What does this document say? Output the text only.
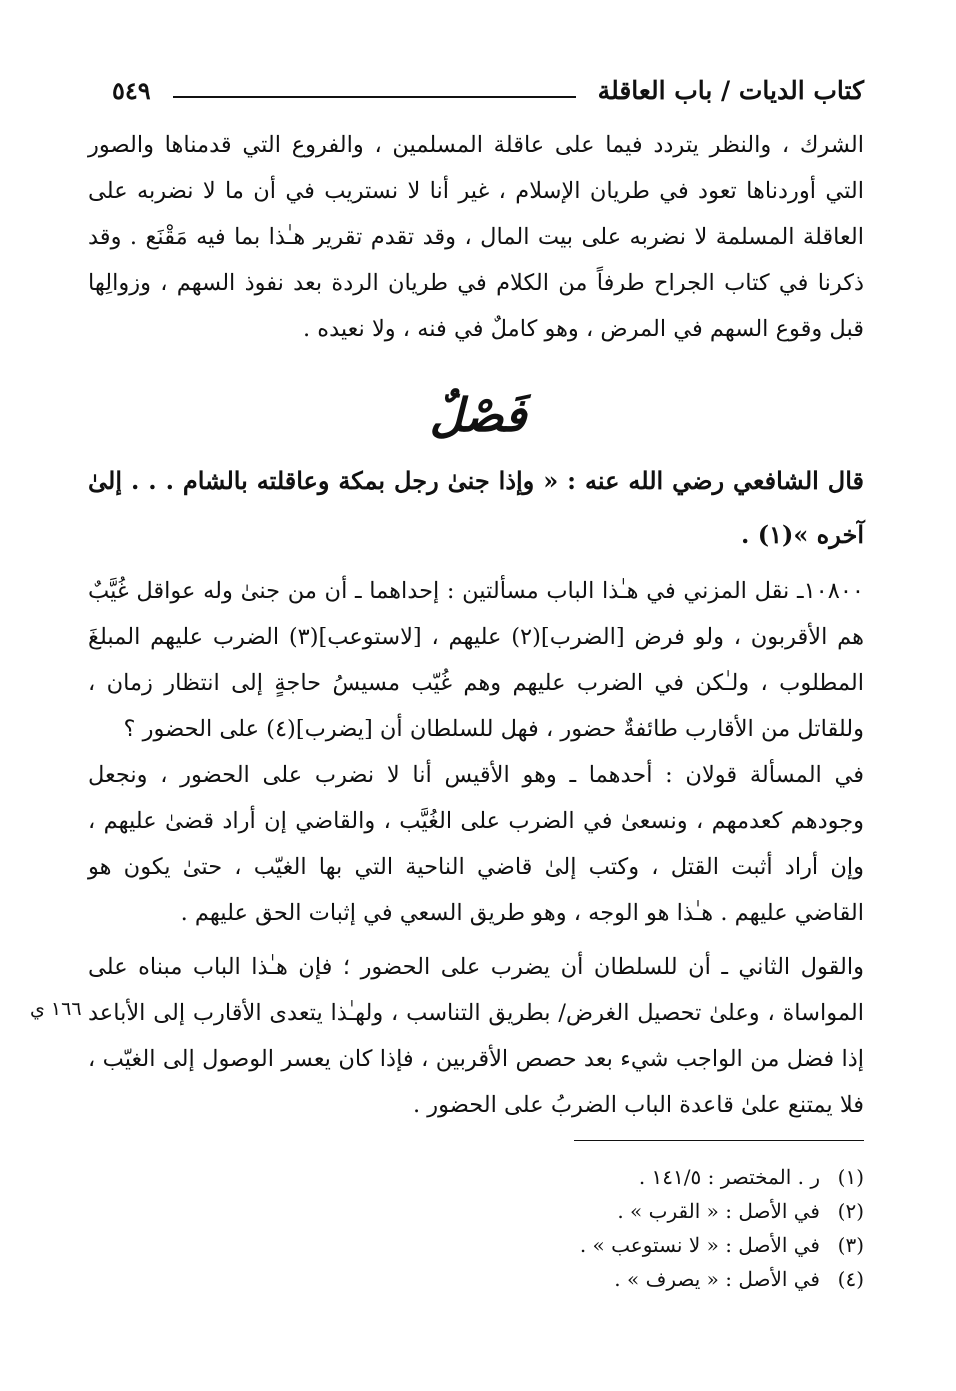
كتاب الديات / باب العاقلة
٥٤٩

الشرك ، والنظر يتردد فيما على عاقلة المسلمين ، والفروع التي قدمناها والصور التي أوردناها تعود في طريان الإسلام ، غير أنا لا نستريب في أن ما لا نضربه على العاقلة المسلمة لا نضربه على بيت المال ، وقد تقدم تقرير هـٰذا بما فيه مَقْنَع . وقد ذكرنا في كتاب الجراح طرفاً من الكلام في طريان الردة بعد نفوذ السهم ، وزوالِها قبل وقوع السهم في المرض ، وهو كاملٌ في فنه ، ولا نعيده .

فَصْلٌ

قال الشافعي رضي الله عنه : « وإذا جنىٰ رجل بمكة وعاقلته بالشام . . . إلىٰ آخره »(١) .

١٠٨٠٠ـ نقل المزني في هـٰذا الباب مسألتين : إحداهما ـ أن من جنىٰ وله عواقل غُيَّبٌ هم الأقربون ، ولو فرض [الضرب](٢) عليهم ، [لاستوعب](٣) الضرب عليهم المبلغَ المطلوب ، ولـٰكن في الضرب عليهم وهم غُيّب مسيسُ حاجةٍ إلى انتظار زمان ، وللقاتل من الأقارب طائفةٌ حضور ، فهل للسلطان أن [يضرب](٤) على الحضور ؟

في المسألة قولان : أحدهما ـ وهو الأقيس أنا لا نضرب على الحضور ، ونجعل وجودهم كعدمهم ، ونسعىٰ في الضرب على الغُيَّب ، والقاضي إن أراد قضىٰ عليهم ، وإن أراد أثبت القتل ، وكتب إلىٰ قاضي الناحية التي بها الغيّب ، حتىٰ يكون هو القاضي عليهم . هـٰذا هو الوجه ، وهو طريق السعي في إثبات الحق عليهم .

والقول الثاني ـ أن للسلطان أن يضرب على الحضور ؛ فإن هـٰذا الباب مبناه على المواساة ، وعلىٰ تحصيل الغرض/ بطريق التناسب ، ولهـٰذا يتعدى الأقارب إلى الأباعد إذا فضل من الواجب شيء بعد حصص الأقربين ، فإذا كان يعسر الوصول إلى الغيّب ، فلا يمتنع علىٰ قاعدة الباب الضربُ على الحضور .

١٦٦ ي
(١)ر . المختصر : ١٤١/٥ .
(٢)في الأصل : « القرب » .
(٣)في الأصل : « لا نستوعب » .
(٤)في الأصل : « يصرف » .
